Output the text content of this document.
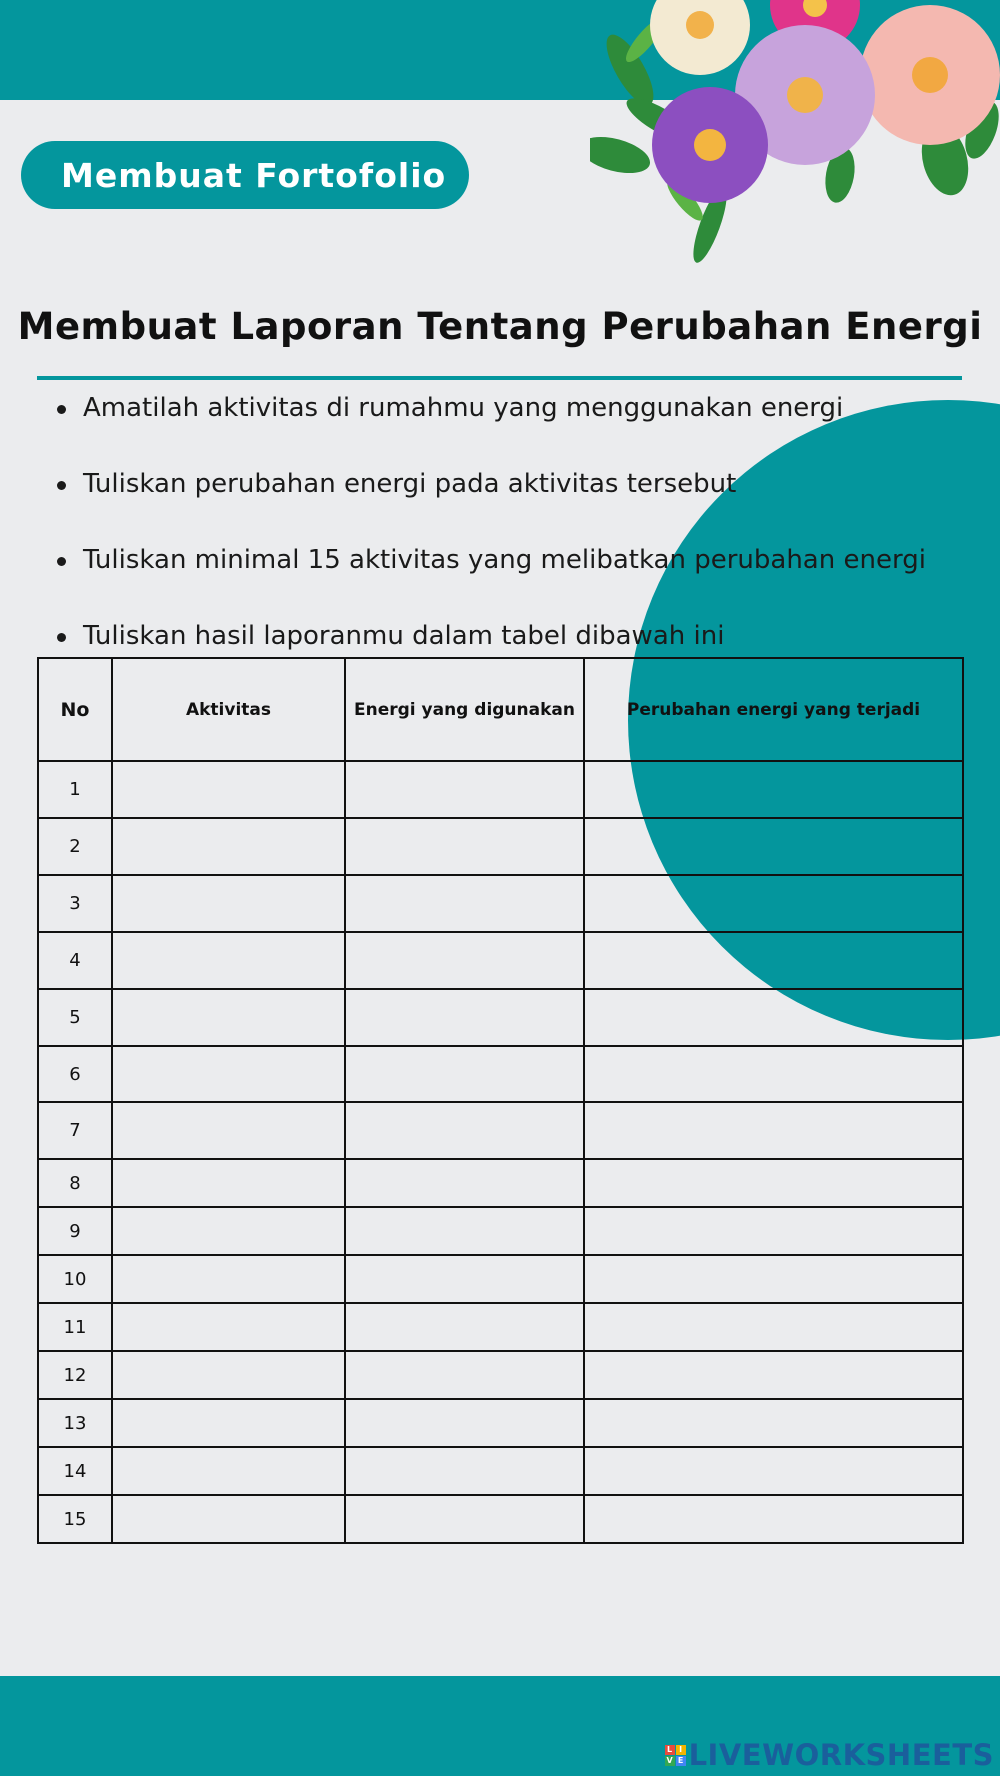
Membuat Fortofolio
Membuat Laporan Tentang Perubahan Energi
Amatilah aktivitas di rumahmu yang menggunakan energi
Tuliskan perubahan energi pada aktivitas tersebut
Tuliskan minimal 15 aktivitas yang melibatkan perubahan energi
Tuliskan hasil laporanmu dalam tabel dibawah ini
No	Aktivitas	Energi yang digunakan	Perubahan energi yang terjadi
1			
2			
3			
4			
5			
6			
7			
8			
9			
10			
11			
12			
13			
14			
15			
L I
V E LIVEWORKSHEETS
